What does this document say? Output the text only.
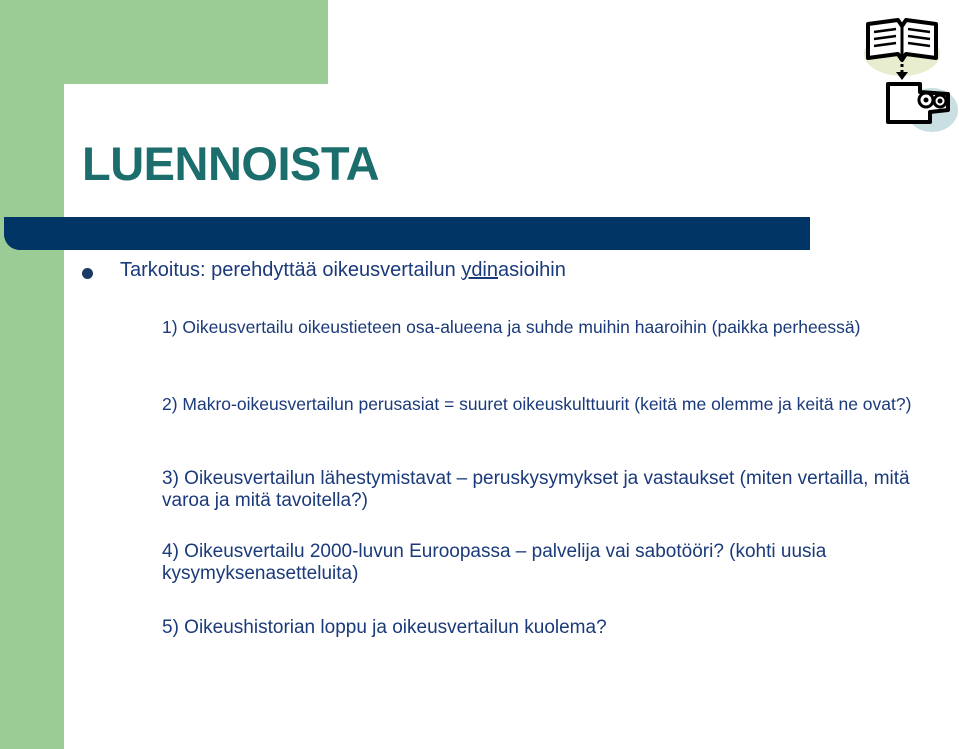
LUENNOISTA

Tarkoitus: perehdyttää oikeusvertailun ydinasioihin

1) Oikeusvertailu oikeustieteen osa-alueena ja suhde muihin haaroihin (paikka perheessä)

2) Makro-oikeusvertailun perusasiat = suuret oikeuskulttuurit (keitä me olemme ja keitä ne ovat?)

3) Oikeusvertailun lähestymistavat – peruskysymykset ja vastaukset (miten vertailla, mitä varoa ja mitä tavoitella?)

4) Oikeusvertailu 2000-luvun Euroopassa – palvelija vai sabotööri? (kohti uusia kysymyksenasetteluita)

5) Oikeushistorian loppu ja oikeusvertailun kuolema?
